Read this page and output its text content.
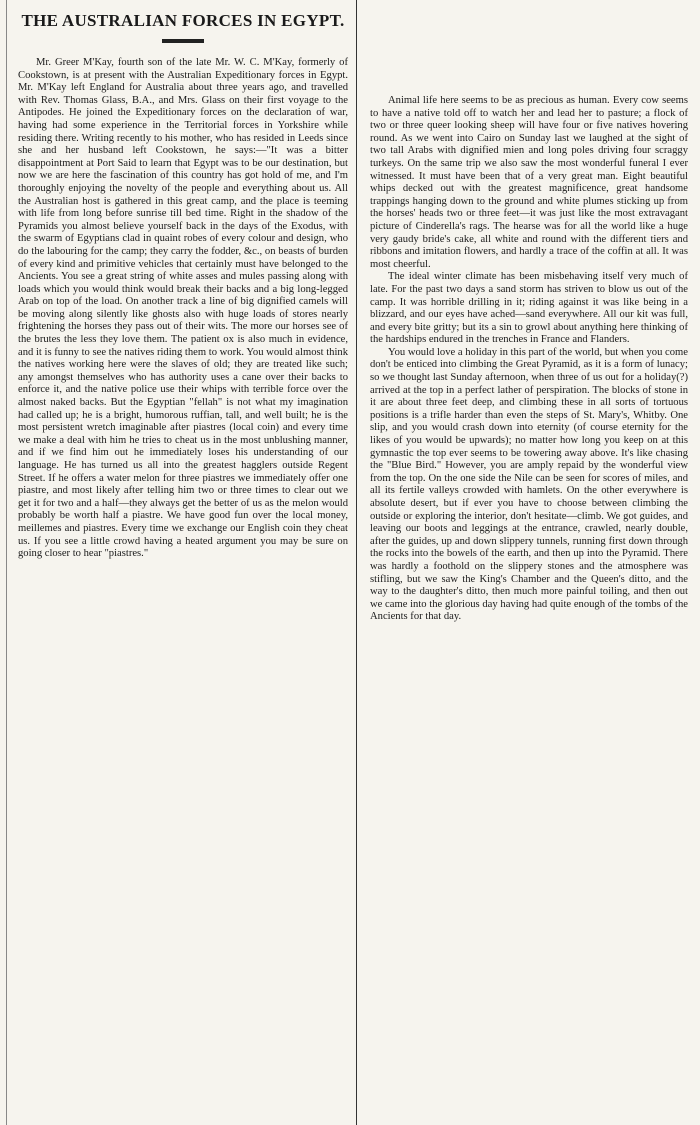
THE AUSTRALIAN FORCES IN EGYPT.

Mr. Greer M'Kay, fourth son of the late Mr. W. C. M'Kay, formerly of Cookstown, is at present with the Australian Expeditionary forces in Egypt. Mr. M'Kay left England for Australia about three years ago, and travelled with Rev. Thomas Glass, B.A., and Mrs. Glass on their first voyage to the Antipodes. He joined the Expeditionary forces on the declaration of war, having had some experience in the Territorial forces in Yorkshire while residing there. Writing recently to his mother, who has resided in Leeds since she and her husband left Cookstown, he says:—"It was a bitter disappointment at Port Said to learn that Egypt was to be our destination, but now we are here the fascination of this country has got hold of me, and I'm thoroughly enjoying the novelty of the people and everything about us. All the Australian host is gathered in this great camp, and the place is teeming with life from long before sunrise till bed time. Right in the shadow of the Pyramids you almost believe yourself back in the days of the Exodus, with the swarm of Egyptians clad in quaint robes of every colour and design, who do the labouring for the camp; they carry the fodder, &c., on beasts of burden of every kind and primitive vehicles that certainly must have belonged to the Ancients. You see a great string of white asses and mules passing along with loads which you would think would break their backs and a big long-legged Arab on top of the load. On another track a line of big dignified camels will be moving along silently like ghosts also with huge loads of stores nearly frightening the horses they pass out of their wits. The more our horses see of the brutes the less they love them. The patient ox is also much in evidence, and it is funny to see the natives riding them to work. You would almost think the natives working here were the slaves of old; they are treated like such; any amongst themselves who has authority uses a cane over their backs to enforce it, and the native police use their whips with terrible force over the almost naked backs. But the Egyptian "fellah" is not what my imagination had called up; he is a bright, humorous ruffian, tall, and well built; he is the most persistent wretch imaginable after piastres (local coin) and every time we make a deal with him he tries to cheat us in the most unblushing manner, and if we find him out he immediately loses his understanding of our language. He has turned us all into the greatest hagglers outside Regent Street. If he offers a water melon for three piastres we immediately offer one piastre, and most likely after telling him two or three times to clear out we get it for two and a half—they always get the better of us as the melon would probably be worth half a piastre. We have good fun over the local money, meillemes and piastres. Every time we exchange our English coin they cheat us. If you see a little crowd having a heated argument you may be sure on going closer to hear "piastres."

Animal life here seems to be as precious as human. Every cow seems to have a native told off to watch her and lead her to pasture; a flock of two or three queer looking sheep will have four or five natives hovering round. As we went into Cairo on Sunday last we laughed at the sight of two tall Arabs with dignified mien and long poles driving four scraggy turkeys. On the same trip we also saw the most wonderful funeral I ever witnessed. It must have been that of a very great man. Eight beautiful whips decked out with the greatest magnificence, great handsome trappings hanging down to the ground and white plumes sticking up from the horses' heads two or three feet—it was just like the most extravagant picture of Cinderella's rags. The hearse was for all the world like a huge very gaudy bride's cake, all white and round with the different tiers and ribbons and imitation flowers, and hardly a trace of the coffin at all. It was most cheerful.

The ideal winter climate has been misbehaving itself very much of late. For the past two days a sand storm has striven to blow us out of the camp. It was horrible drilling in it; riding against it was like being in a blizzard, and our eyes have ached—sand everywhere. All our kit was full, and every bite gritty; but its a sin to growl about anything here thinking of the hardships endured in the trenches in France and Flanders.

You would love a holiday in this part of the world, but when you come don't be enticed into climbing the Great Pyramid, as it is a form of lunacy; so we thought last Sunday afternoon, when three of us out for a holiday(?) arrived at the top in a perfect lather of perspiration. The blocks of stone in it are about three feet deep, and climbing these in all sorts of tortuous positions is a trifle harder than even the steps of St. Mary's, Whitby. One slip, and you would crash down into eternity (of course eternity for the likes of you would be upwards); no matter how long you keep on at this gymnastic the top ever seems to be towering away above. It's like chasing the "Blue Bird." However, you are amply repaid by the wonderful view from the top. On the one side the Nile can be seen for scores of miles, and all its fertile valleys crowded with hamlets. On the other everywhere is absolute desert, but if ever you have to choose between climbing the outside or exploring the interior, don't hesitate—climb. We got guides, and leaving our boots and leggings at the entrance, crawled, nearly double, after the guides, up and down slippery tunnels, running first down through the rocks into the bowels of the earth, and then up into the Pyramid. There was hardly a foothold on the slippery stones and the atmosphere was stifling, but we saw the King's Chamber and the Queen's ditto, and the way to the daughter's ditto, then much more painful toiling, and then out we came into the glorious day having had quite enough of the tombs of the Ancients for that day.
